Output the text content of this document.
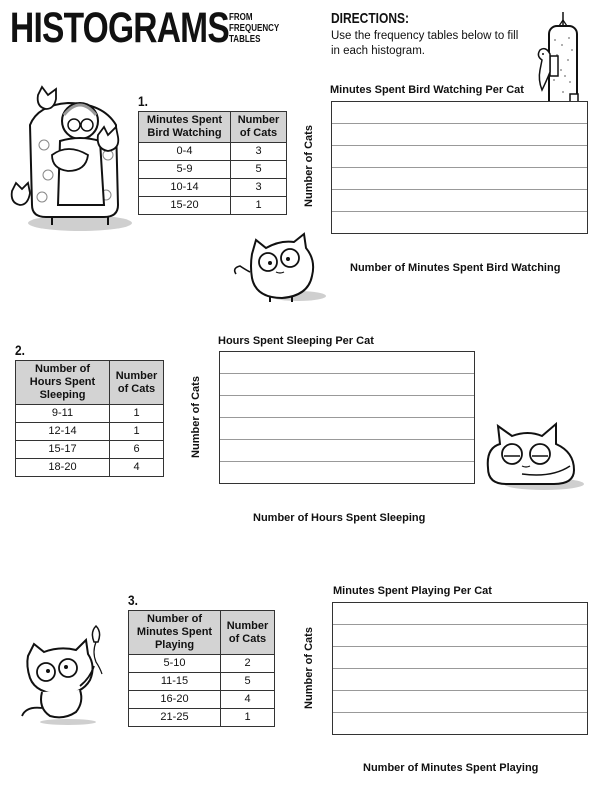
HISTOGRAMS FROM
FREQUENCY
TABLES
DIRECTIONS:
Use the frequency tables below to fill in each histogram.
1.
Minutes Spent Bird Watching	Number of Cats
0-4	3
5-9	5
10-14	3
15-20	1
Minutes Spent Bird Watching Per Cat
Number of Cats
Number of Minutes Spent Bird Watching
2.
Number of Hours Spent Sleeping	Number of Cats
9-11	1
12-14	1
15-17	6
18-20	4
Hours Spent Sleeping Per Cat
Number of Cats
Number of Hours Spent Sleeping
3.
Number of Minutes Spent Playing	Number of Cats
5-10	2
11-15	5
16-20	4
21-25	1
Minutes Spent Playing Per Cat
Number of Cats
Number of Minutes Spent Playing
